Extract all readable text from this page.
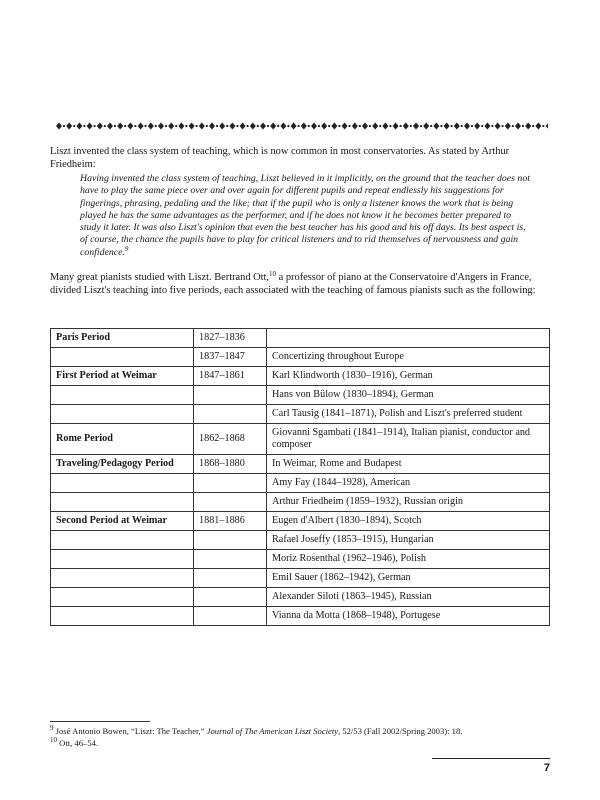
Liszt invented the class system of teaching, which is now common in most conservatories. As stated by Arthur Friedheim:

Having invented the class system of teaching, Liszt believed in it implicitly, on the ground that the teacher does not have to play the same piece over and over again for different pupils and repeat endlessly his suggestions for fingerings, phrasing, pedaling and the like; that if the pupil who is only a listener knows the work that is being played he has the same advantages as the performer, and if he does not know it he becomes better prepared to study it later. It was also Liszt's opinion that even the best teacher has his good and his off days. Its best aspect is, of course, the chance the pupils have to play for critical listeners and to rid themselves of nervousness and gain confidence.$^9$

Many great pianists studied with Liszt. Bertrand Ott,$^{10}$ a professor of piano at the Conservatoire d'Angers in France, divided Liszt's teaching into five periods, each associated with the teaching of famous pianists such as the following:

Paris Period	1827–1836	
	1837–1847	Concertizing throughout Europe
First Period at Weimar	1847–1861	Karl Klindworth (1830–1916), German
		Hans von Bülow (1830–1894), German
		Carl Tausig (1841–1871), Polish and Liszt's preferred student
Rome Period	1862–1868	Giovanni Sgambati (1841–1914), Italian pianist, conductor and composer
Traveling/Pedagogy Period	1868–1880	In Weimar, Rome and Budapest
		Amy Fay (1844–1928), American
		Arthur Friedheim (1859–1932), Russian origin
Second Period at Weimar	1881–1886	Eugen d'Albert (1830–1894), Scotch
		Rafael Joseffy (1853–1915), Hungarian
		Moriz Rosenthal (1962–1946), Polish
		Emil Sauer (1862–1942), German
		Alexander Siloti (1863–1945), Russian
		Vianna da Motta (1868–1948), Portugese
$^9$ José Antonio Bowen, “Liszt: The Teacher,” Journal of The American Liszt Society, 52/53 (Fall 2002/Spring 2003): 18.
$^{10}$ Ott, 46–54.
7
